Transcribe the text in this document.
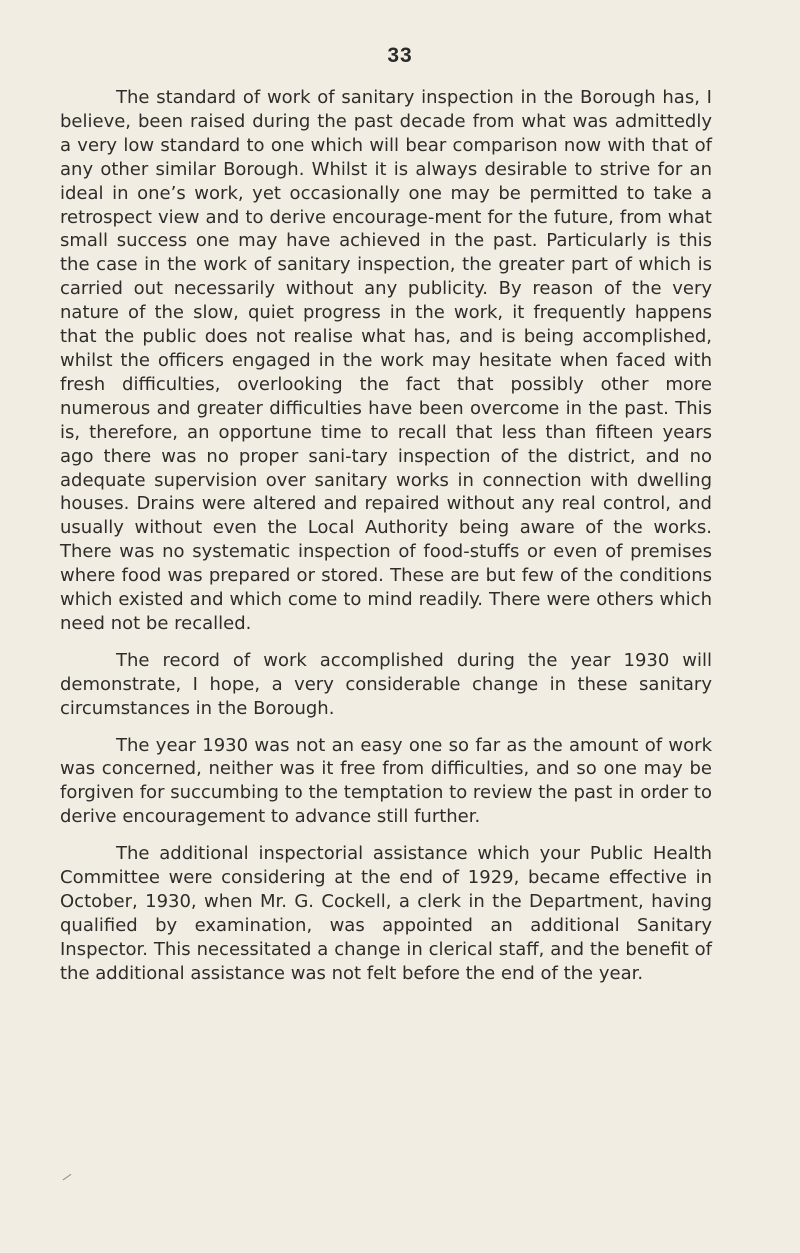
33

The standard of work of sanitary inspection in the Borough has, I believe, been raised during the past decade from what was admittedly a very low standard to one which will bear comparison now with that of any other similar Borough. Whilst it is always desirable to strive for an ideal in one’s work, yet occasionally one may be permitted to take a retrospect view and to derive encourage-ment for the future, from what small success one may have achieved in the past. Particularly is this the case in the work of sanitary inspection, the greater part of which is carried out necessarily without any publicity. By reason of the very nature of the slow, quiet progress in the work, it frequently happens that the public does not realise what has, and is being accomplished, whilst the officers engaged in the work may hesitate when faced with fresh difficulties, overlooking the fact that possibly other more numerous and greater difficulties have been overcome in the past. This is, therefore, an opportune time to recall that less than fifteen years ago there was no proper sani-tary inspection of the district, and no adequate supervision over sanitary works in connection with dwelling houses. Drains were altered and repaired without any real control, and usually without even the Local Authority being aware of the works. There was no systematic inspection of food-stuffs or even of premises where food was prepared or stored. These are but few of the conditions which existed and which come to mind readily. There were others which need not be recalled.

The record of work accomplished during the year 1930 will demonstrate, I hope, a very considerable change in these sanitary circumstances in the Borough.

The year 1930 was not an easy one so far as the amount of work was concerned, neither was it free from difficulties, and so one may be forgiven for succumbing to the temptation to review the past in order to derive encouragement to advance still further.

The additional inspectorial assistance which your Public Health Committee were considering at the end of 1929, became effective in October, 1930, when Mr. G. Cockell, a clerk in the Department, having qualified by examination, was appointed an additional Sanitary Inspector. This necessitated a change in clerical staff, and the benefit of the additional assistance was not felt before the end of the year.
